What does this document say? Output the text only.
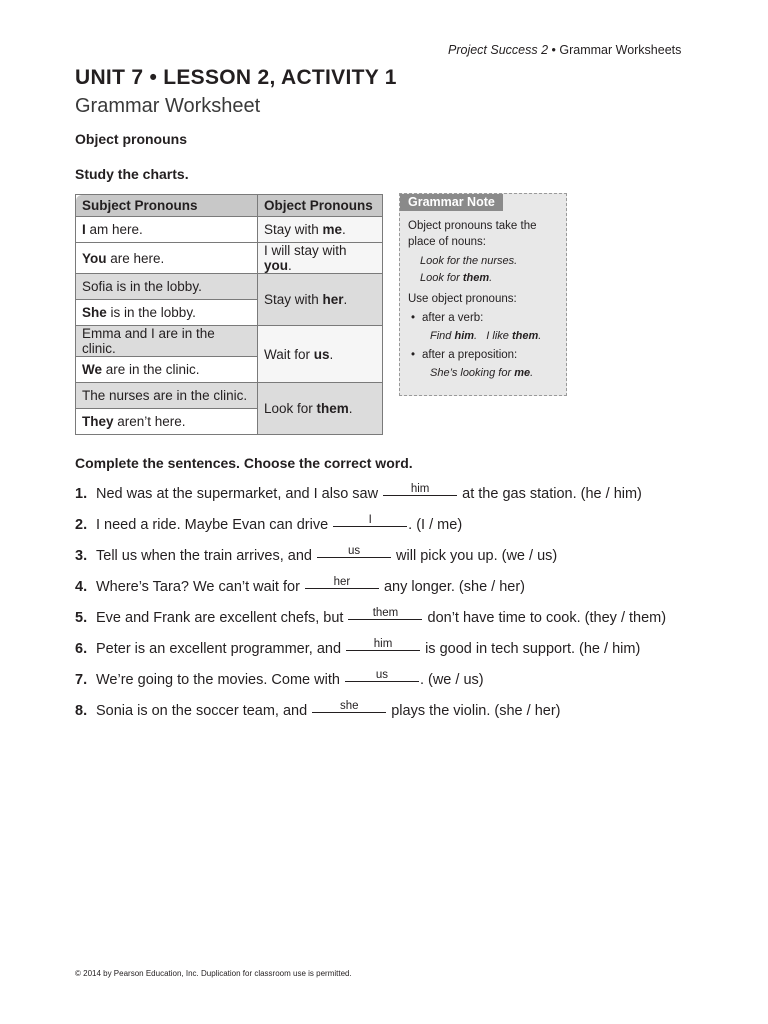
Project Success 2 • Grammar Worksheets
UNIT 7 • LESSON 2, ACTIVITY 1
Grammar Worksheet
Object pronouns
Study the charts.
Subject Pronouns	Object Pronouns
I am here.	Stay with me.
You are here.	I will stay with you.
Sofia is in the lobby.	Stay with her.
She is in the lobby.	
Emma and I are in the clinic.	Wait for us.
We are in the clinic.	
The nurses are in the clinic.	Look for them.
They aren’t here.	
Grammar Note
Object pronouns take the place of nouns:
Look for the nurses.
Look for them.
Use object pronouns:
• after a verb:
Find him. I like them.
• after a preposition:
She’s looking for me.
Complete the sentences. Choose the correct word.
1. Ned was at the supermarket, and I also saw him at the gas station. (he / him)
2. I need a ride. Maybe Evan can drive	I	. (I / me)
3. Tell us when the train arrives, and	us will pick you up. (we / us)
4. Where’s Tara? We can’t wait for	her any longer. (she / her)
5. Eve and Frank are excellent chefs, but them don’t have time to cook. (they / them)
6. Peter is an excellent programmer, and him is good in tech support. (he / him)
7. We’re going to the movies. Come with	us . (we / us)
8. Sonia is on the soccer team, and she plays the violin. (she / her)
© 2014 by Pearson Education, Inc. Duplication for classroom use is permitted.
